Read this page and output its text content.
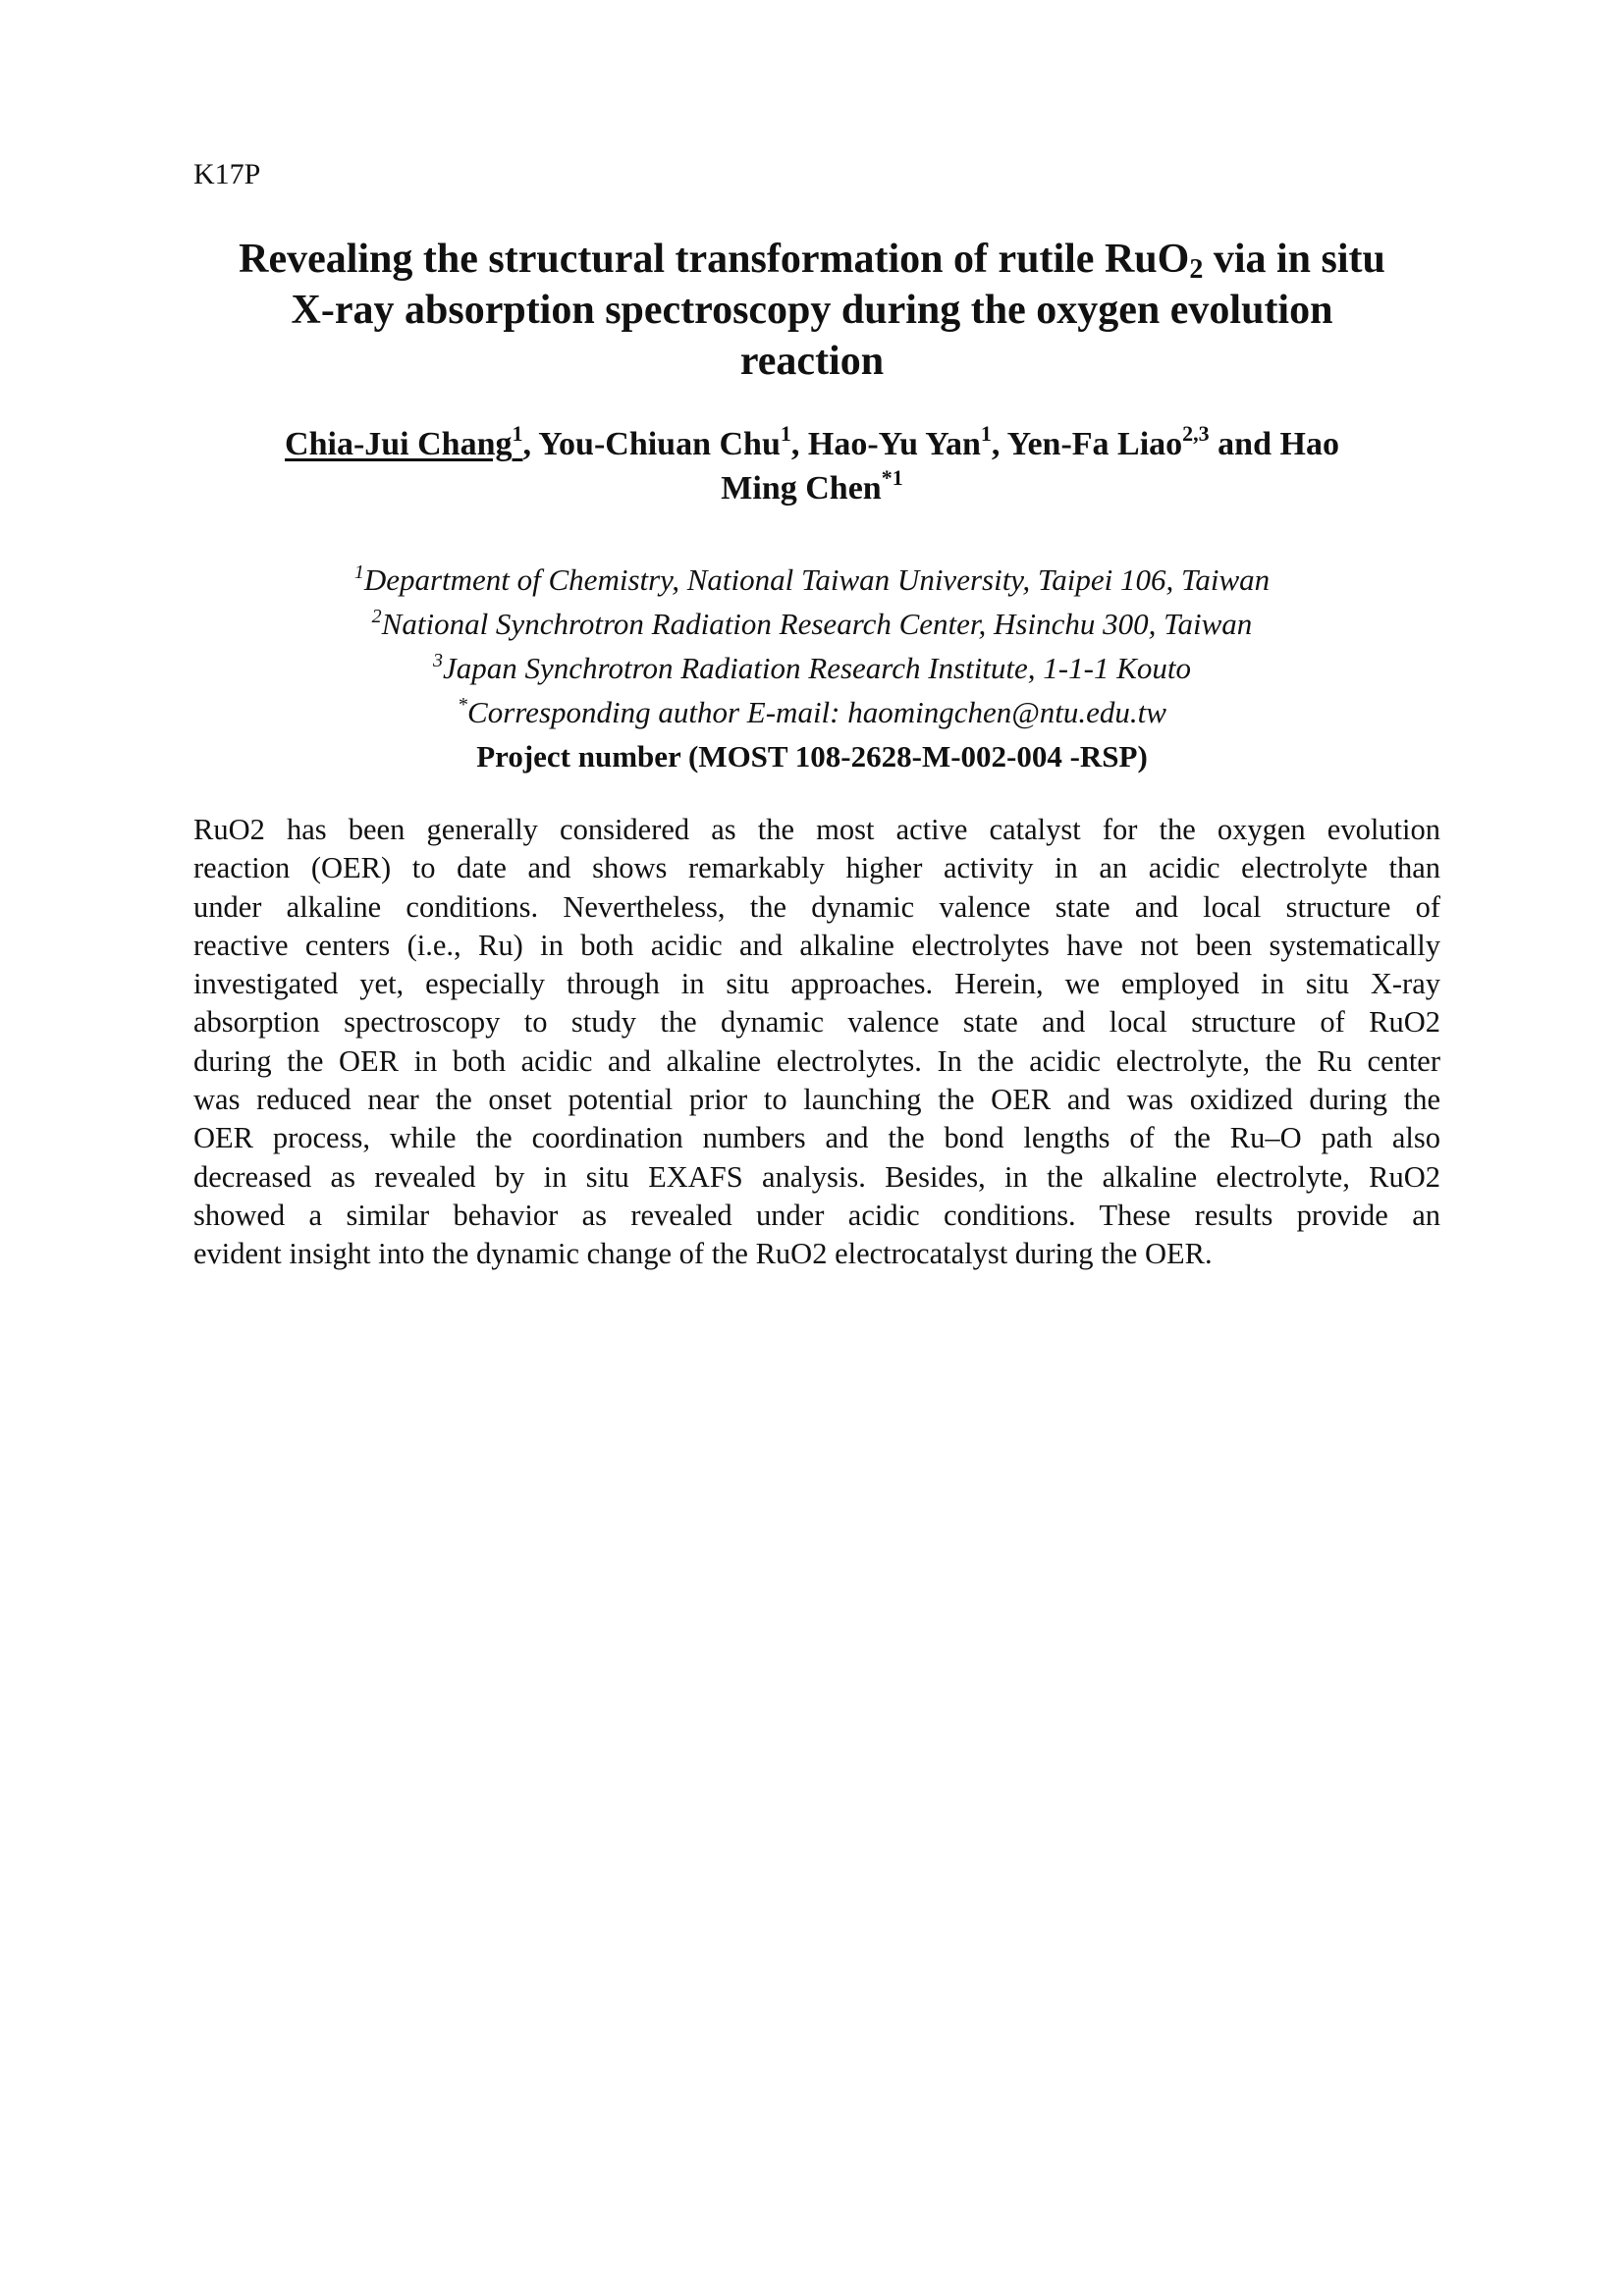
K17P
Revealing the structural transformation of rutile RuO$_2$ via in situ
X-ray absorption spectroscopy during the oxygen evolution
reaction
Chia-Jui Chang$^1$, You-Chiuan Chu$^1$, Hao-Yu Yan$^1$, Yen-Fa Liao$^{2,3}$ and Hao
Ming Chen$^{*1}$
$^1$Department of Chemistry, National Taiwan University, Taipei 106, Taiwan
$^2$National Synchrotron Radiation Research Center, Hsinchu 300, Taiwan
$^3$Japan Synchrotron Radiation Research Institute, 1-1-1 Kouto
*Corresponding author E-mail: haomingchen@ntu.edu.tw
Project number (MOST 108-2628-M-002-004 -RSP)
RuO2 has been generally considered as the most active catalyst for the oxygen evolution
reaction (OER) to date and shows remarkably higher activity in an acidic electrolyte than
under alkaline conditions. Nevertheless, the dynamic valence state and local structure of
reactive centers (i.e., Ru) in both acidic and alkaline electrolytes have not been systematically
investigated yet, especially through in situ approaches. Herein, we employed in situ X-ray
absorption spectroscopy to study the dynamic valence state and local structure of RuO2
during the OER in both acidic and alkaline electrolytes. In the acidic electrolyte, the Ru center
was reduced near the onset potential prior to launching the OER and was oxidized during the
OER process, while the coordination numbers and the bond lengths of the Ru–O path also
decreased as revealed by in situ EXAFS analysis. Besides, in the alkaline electrolyte, RuO2
showed a similar behavior as revealed under acidic conditions. These results provide an
evident insight into the dynamic change of the RuO2 electrocatalyst during the OER.
